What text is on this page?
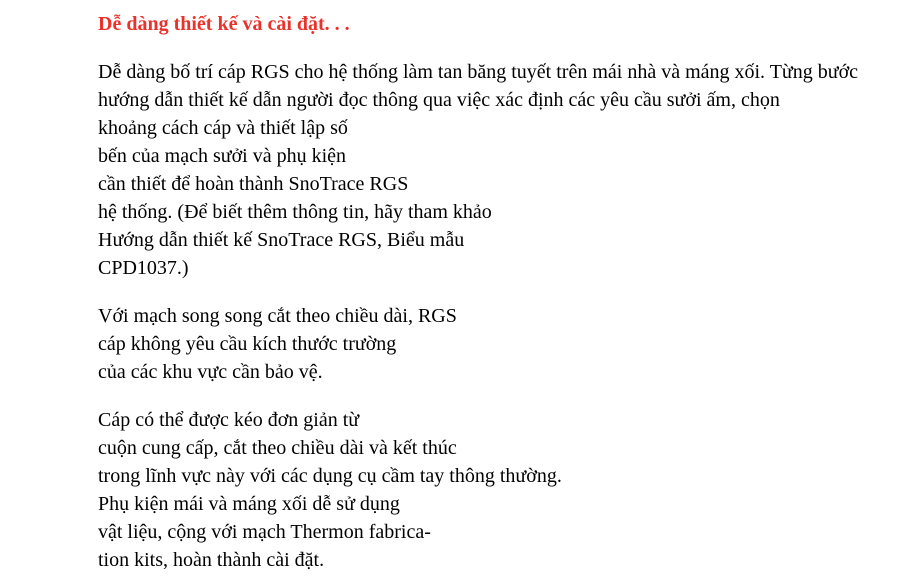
Dễ dàng thiết kế và cài đặt. . .

Dễ dàng bố trí cáp RGS cho hệ thống làm tan băng tuyết trên mái nhà và máng xối. Từng bước
hướng dẫn thiết kế dẫn người đọc thông qua việc xác định các yêu cầu sưởi ấm, chọn
khoảng cách cáp và thiết lập số
bến của mạch sưởi và phụ kiện
cần thiết để hoàn thành SnoTrace RGS
hệ thống. (Để biết thêm thông tin, hãy tham khảo
Hướng dẫn thiết kế SnoTrace RGS, Biểu mẫu
CPD1037.)

Với mạch song song cắt theo chiều dài, RGS
cáp không yêu cầu kích thước trường
của các khu vực cần bảo vệ.

Cáp có thể được kéo đơn giản từ
cuộn cung cấp, cắt theo chiều dài và kết thúc
trong lĩnh vực này với các dụng cụ cầm tay thông thường.
Phụ kiện mái và máng xối dễ sử dụng
vật liệu, cộng với mạch Thermon fabrica-
tion kits, hoàn thành cài đặt.
